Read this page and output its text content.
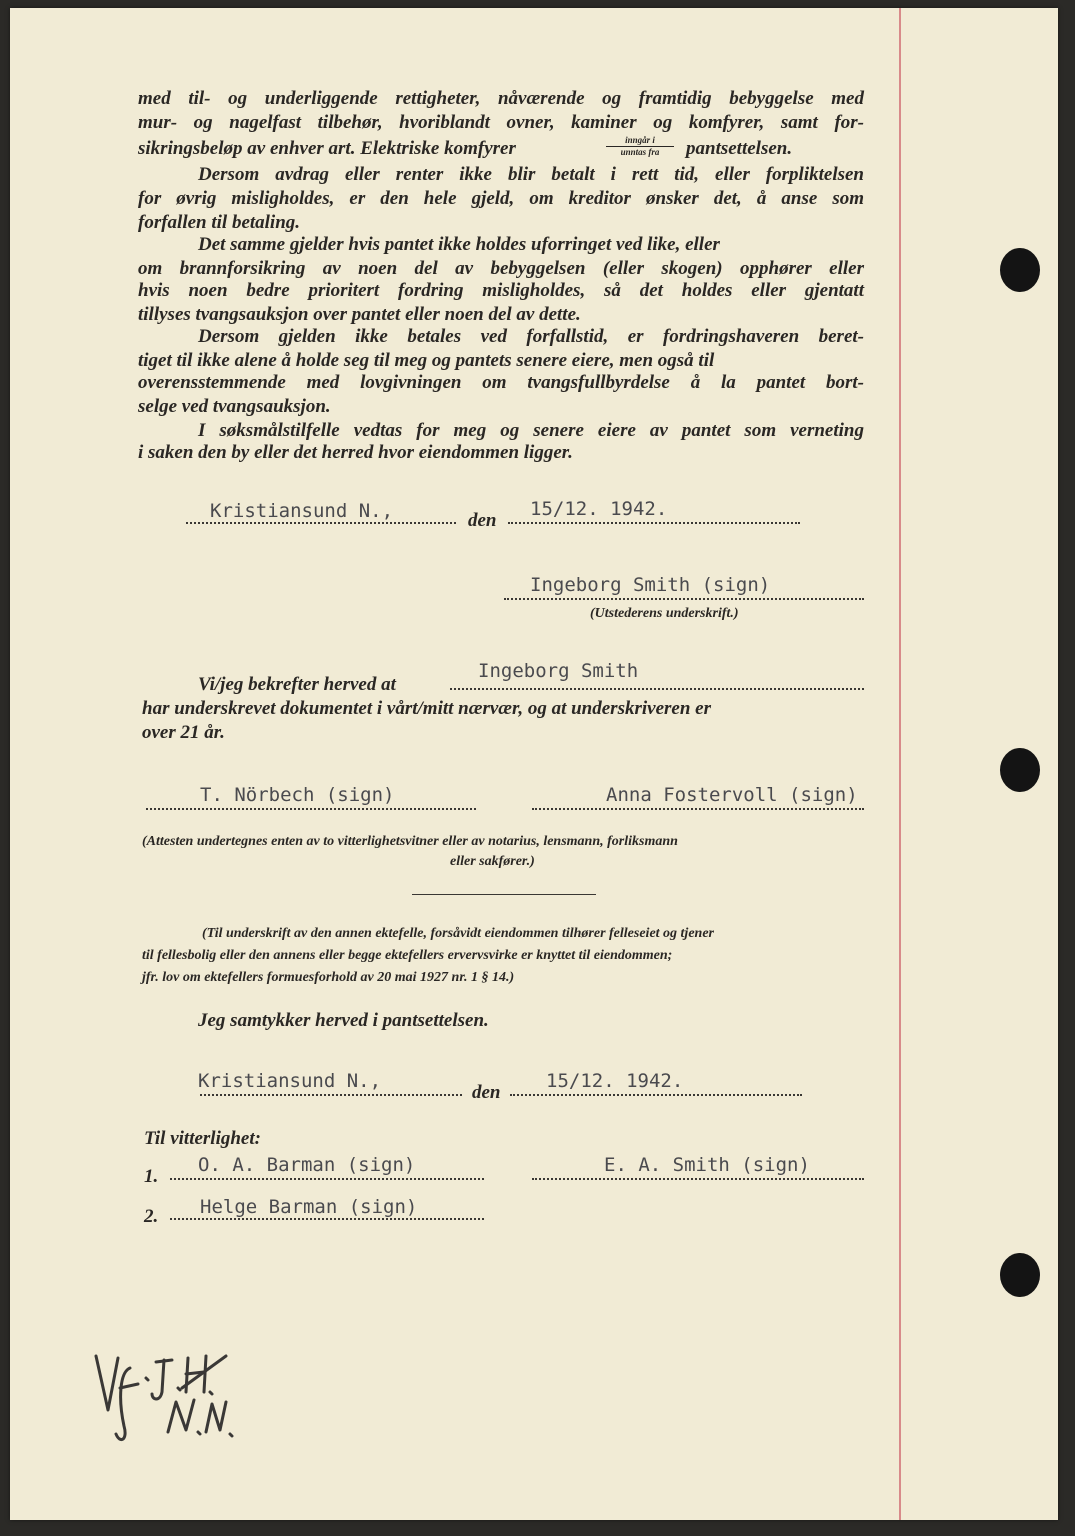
med til- og underliggende rettigheter, nåværende og framtidig bebyggelse med
mur- og nagelfast tilbehør, hvoriblandt ovner, kaminer og komfyrer, samt for-
sikringsbeløp av enhver art. Elektriske komfyrer	inngår i
unntas fra	pantsettelsen.
Dersom avdrag eller renter ikke blir betalt i rett tid, eller forpliktelsen
for øvrig misligholdes, er den hele gjeld, om kreditor ønsker det, å anse som
forfallen til betaling.
Det samme gjelder hvis pantet ikke holdes uforringet ved like, eller
om brannforsikring av noen del av bebyggelsen (eller skogen) opphører eller
hvis noen bedre prioritert fordring misligholdes, så det holdes eller gjentatt
tillyses tvangsauksjon over pantet eller noen del av dette.
Dersom gjelden ikke betales ved forfallstid, er fordringshaveren beret-
tiget til ikke alene å holde seg til meg og pantets senere eiere, men også til
overensstemmende med lovgivningen om tvangsfullbyrdelse å la pantet bort-
selge ved tvangsauksjon.
I søksmålstilfelle vedtas for meg og senere eiere av pantet som verneting
i saken den by eller det herred hvor eiendommen ligger.
Kristiansund N.,	den
15/12. 1942.
Ingeborg Smith (sign)
(Utstederens underskrift.)
Ingeborg Smith
Vi/jeg bekrefter herved at
har underskrevet dokumentet i vårt/mitt nærvær, og at underskriveren er
over 21 år.
T. Nörbech (sign)	Anna Fostervoll (sign)
(Attesten undertegnes enten av to vitterlighetsvitner eller av notarius, lensmann, forliksmann
eller sakfører.)
(Til underskrift av den annen ektefelle, forsåvidt eiendommen tilhører felleseiet og tjener
til fellesbolig eller den annens eller begge ektefellers ervervsvirke er knyttet til eiendommen;
jfr. lov om ektefellers formuesforhold av 20 mai 1927 nr. 1 § 14.)
Jeg samtykker herved i pantsettelsen.
Kristiansund N.,
den
15/12. 1942.
Til vitterlighet:
1.
O. A. Barman (sign)	E. A. Smith (sign)
2. Helge Barman (sign)
